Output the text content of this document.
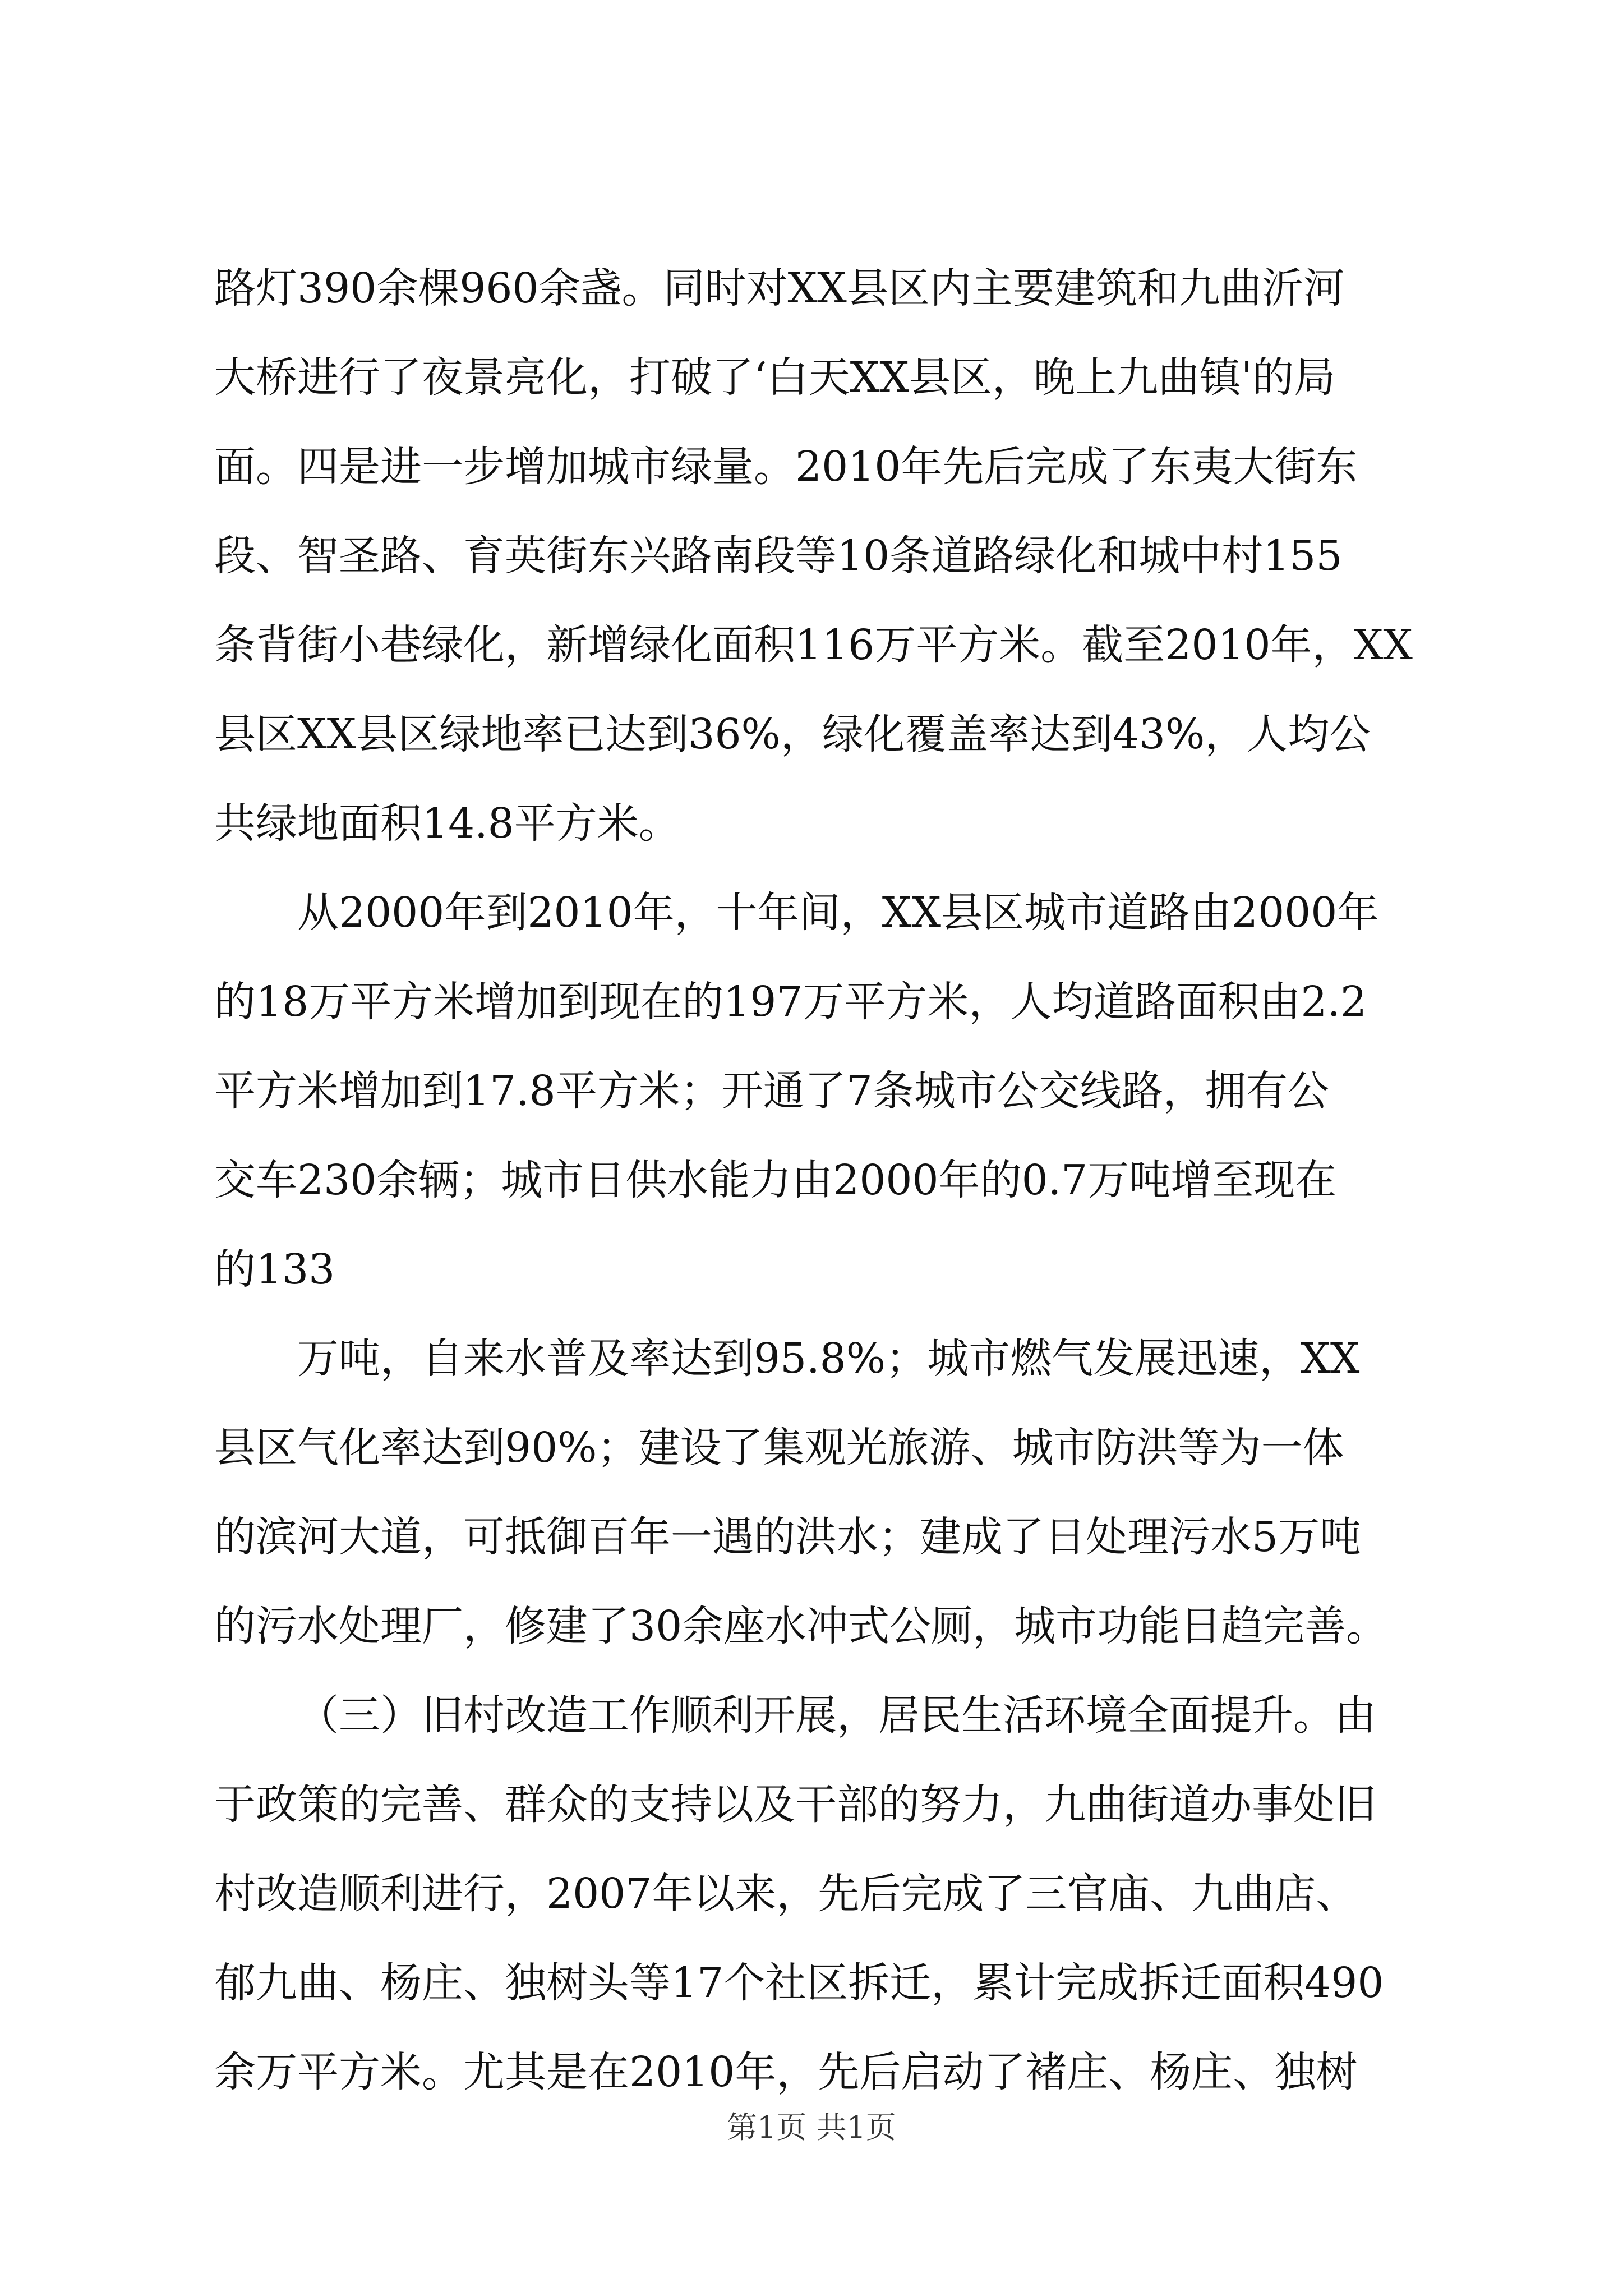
路灯390余棵960余盏。同时对XX县区内主要建筑和九曲沂河

大桥进行了夜景亮化，打破了‘白天XX县区，晚上九曲镇'的局

面。四是进一步增加城市绿量。2010年先后完成了东夷大街东

段、智圣路、育英街东兴路南段等10条道路绿化和城中村155

条背街小巷绿化，新增绿化面积116万平方米。截至2010年，XX

县区XX县区绿地率已达到36%，绿化覆盖率达到43%，人均公

共绿地面积14.8平方米。

从2000年到2010年，十年间，XX县区城市道路由2000年

的18万平方米增加到现在的197万平方米，人均道路面积由2.2

平方米增加到17.8平方米；开通了7条城市公交线路，拥有公

交车230余辆；城市日供水能力由2000年的0.7万吨增至现在

的133

万吨，自来水普及率达到95.8%；城市燃气发展迅速，XX

县区气化率达到90%；建设了集观光旅游、城市防洪等为一体

的滨河大道，可抵御百年一遇的洪水；建成了日处理污水5万吨

的污水处理厂，修建了30余座水冲式公厕，城市功能日趋完善。

（三）旧村改造工作顺利开展，居民生活环境全面提升。由

于政策的完善、群众的支持以及干部的努力，九曲街道办事处旧

村改造顺利进行，2007年以来，先后完成了三官庙、九曲店、

郁九曲、杨庄、独树头等17个社区拆迁，累计完成拆迁面积490

余万平方米。尤其是在2010年，先后启动了褚庄、杨庄、独树

第1页 共1页
